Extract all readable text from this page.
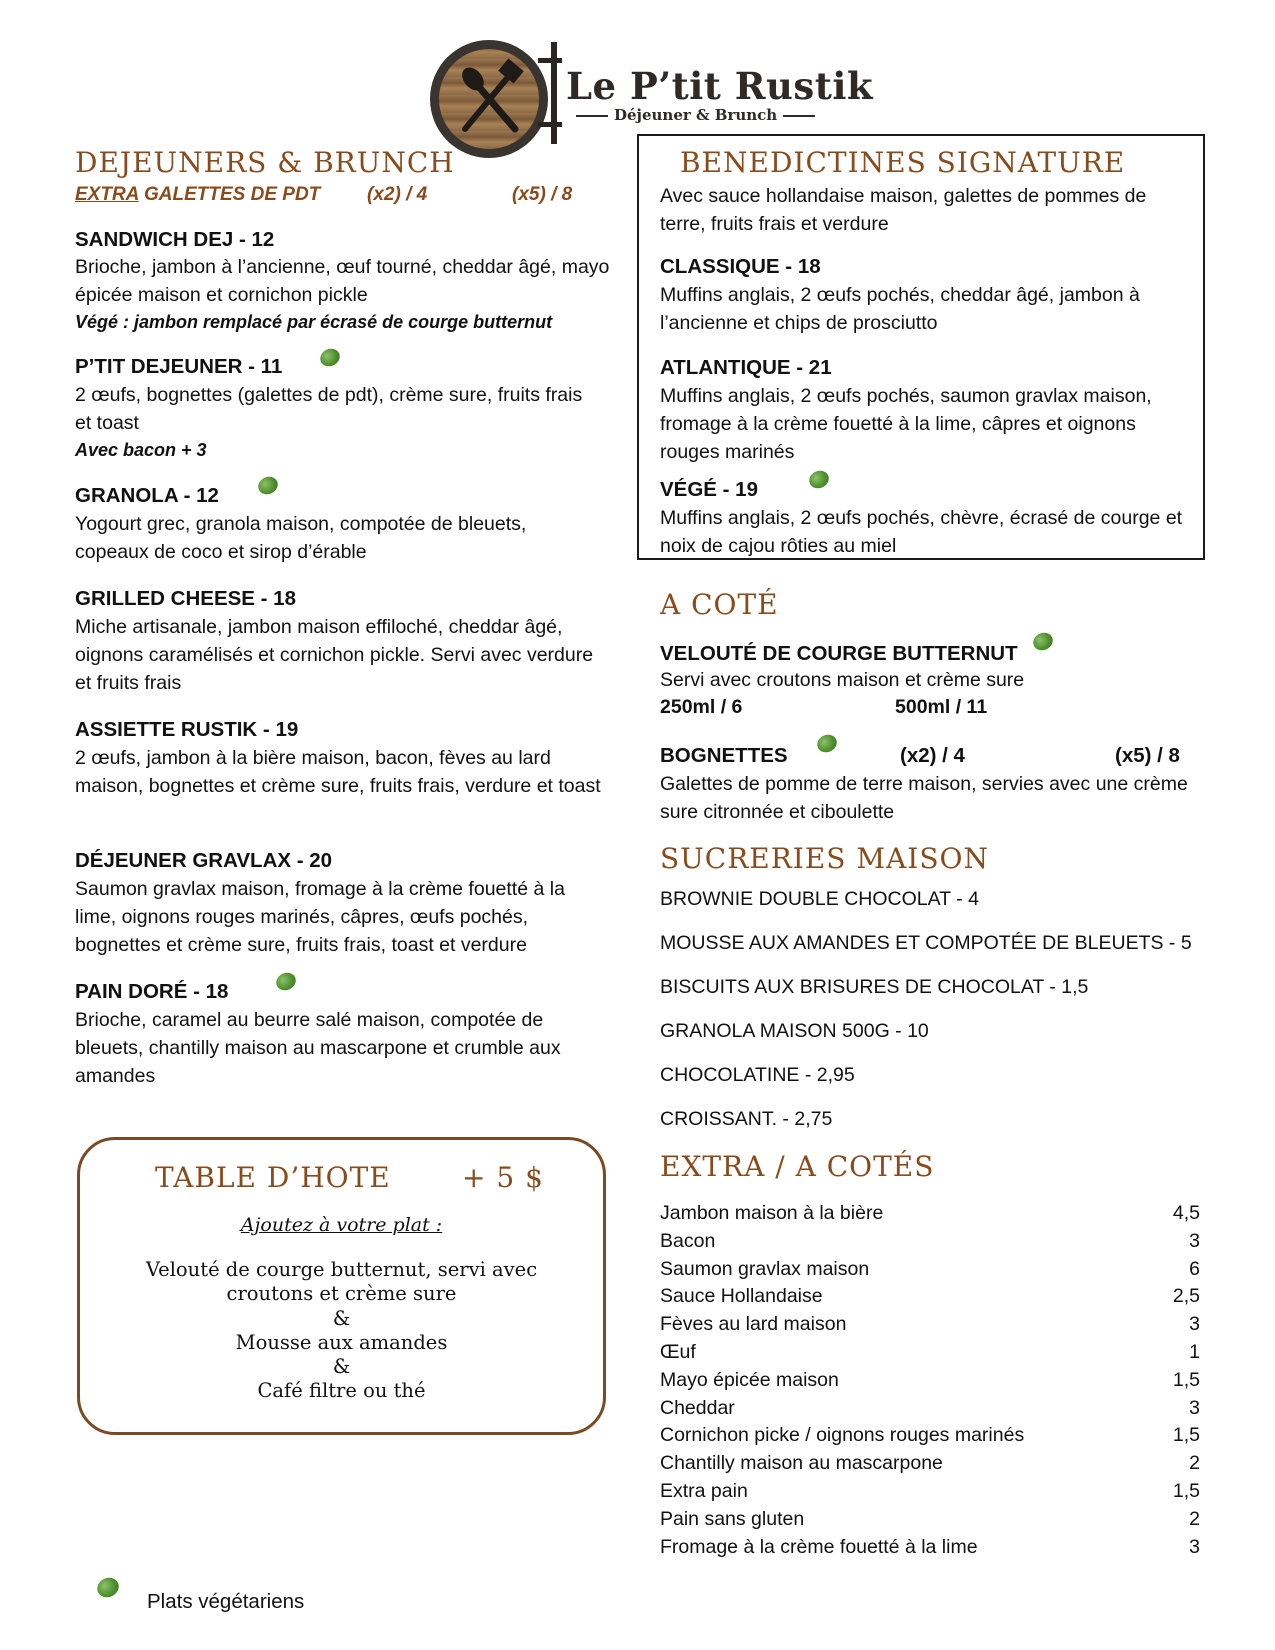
Le P’tit Rustik
Déjeuner & Brunch
DEJEUNERS & BRUNCH
EXTRA GALETTES DE PDT (x2) / 4	(x5) / 8
SANDWICH DEJ - 12
Brioche, jambon à l’ancienne, œuf tourné, cheddar âgé, mayo épicée maison et cornichon pickle
Végé : jambon remplacé par écrasé de courge butternut
P’TIT DEJEUNER - 11
2 œufs, bognettes (galettes de pdt), crème sure, fruits frais et toast
Avec bacon + 3
GRANOLA - 12
Yogourt grec, granola maison, compotée de bleuets, copeaux de coco et sirop d’érable
GRILLED CHEESE - 18
Miche artisanale, jambon maison effiloché, cheddar âgé, oignons caramélisés et cornichon pickle. Servi avec verdure et fruits frais
ASSIETTE RUSTIK - 19
2 œufs, jambon à la bière maison, bacon, fèves au lard maison, bognettes et crème sure, fruits frais, verdure et toast
DÉJEUNER GRAVLAX - 20
Saumon gravlax maison, fromage à la crème fouetté à la lime, oignons rouges marinés, câpres, œufs pochés, bognettes et crème sure, fruits frais, toast et verdure
PAIN DORÉ - 18
Brioche, caramel au beurre salé maison, compotée de bleuets, chantilly maison au mascarpone et crumble aux amandes
BENEDICTINES SIGNATURE
Avec sauce hollandaise maison, galettes de pommes de terre, fruits frais et verdure
CLASSIQUE - 18
Muffins anglais, 2 œufs pochés, cheddar âgé, jambon à l’ancienne et chips de prosciutto
ATLANTIQUE - 21
Muffins anglais, 2 œufs pochés, saumon gravlax maison, fromage à la crème fouetté à la lime, câpres et oignons rouges marinés
VÉGÉ - 19
Muffins anglais, 2 œufs pochés, chèvre, écrasé de courge et noix de cajou rôties au miel
A COTÉ
VELOUTÉ DE COURGE BUTTERNUT
Servi avec croutons maison et crème sure
250ml / 6	500ml / 11
BOGNETTES	(x2) / 4	(x5) / 8
Galettes de pomme de terre maison, servies avec une crème sure citronnée et ciboulette
SUCRERIES MAISON
BROWNIE DOUBLE CHOCOLAT - 4
MOUSSE AUX AMANDES ET COMPOTÉE DE BLEUETS - 5
BISCUITS AUX BRISURES DE CHOCOLAT - 1,5
GRANOLA MAISON 500G - 10
CHOCOLATINE - 2,95
CROISSANT. - 2,75
EXTRA / A COTÉS
Jambon maison à la bière	4,5
Bacon	3
Saumon gravlax maison	6
Sauce Hollandaise	2,5
Fèves au lard maison	3
Œuf	1
Mayo épicée maison	1,5
Cheddar	3
Cornichon picke / oignons rouges marinés	1,5
Chantilly maison au mascarpone	2
Extra pain	1,5
Pain sans gluten	2
Fromage à la crème fouetté à la lime	3
TABLE D’HOTE	+ 5 $
Ajoutez à votre plat :
Velouté de courge butternut, servi avec
croutons et crème sure
&
Mousse aux amandes
&
Café filtre ou thé
Plats végétariens
